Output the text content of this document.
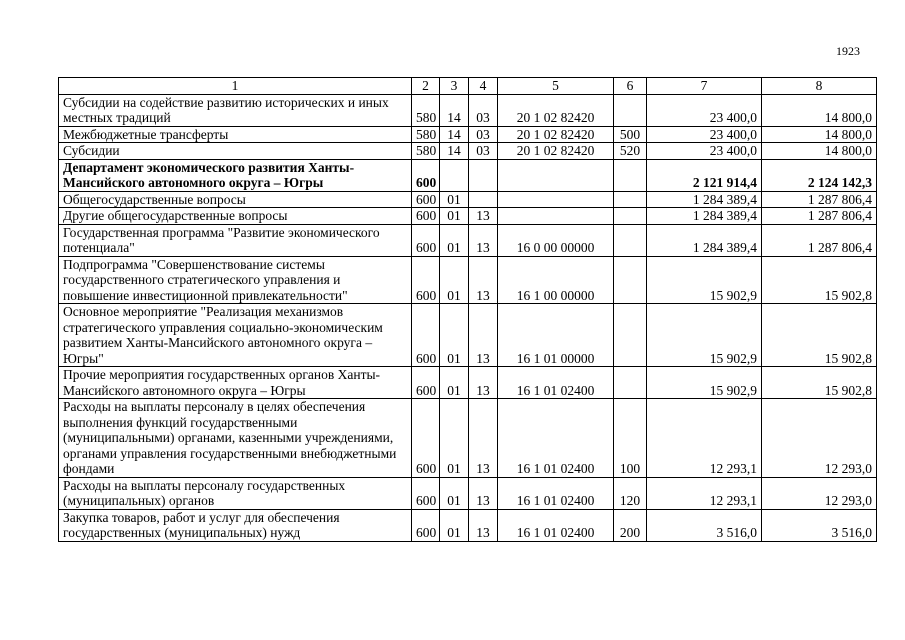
1923
1	2	3	4	5	6	7	8
Субсидии на содействие развитию исторических и иных местных традиций	580	14	03	20 1 02 82420		23 400,0	14 800,0
Межбюджетные трансферты	580	14	03	20 1 02 82420	500	23 400,0	14 800,0
Субсидии	580	14	03	20 1 02 82420	520	23 400,0	14 800,0
Департамент экономического развития Ханты-Мансийского автономного округа – Югры	600					2 121 914,4	2 124 142,3
Общегосударственные вопросы	600	01				1 284 389,4	1 287 806,4
Другие общегосударственные вопросы	600	01	13			1 284 389,4	1 287 806,4
Государственная программа "Развитие экономического потенциала"	600	01	13	16 0 00 00000		1 284 389,4	1 287 806,4
Подпрограмма "Совершенствование системы государственного стратегического управления и повышение инвестиционной привлекательности"	600	01	13	16 1 00 00000		15 902,9	15 902,8
Основное мероприятие "Реализация механизмов стратегического управления социально-экономическим развитием Ханты-Мансийского автономного округа – Югры"	600	01	13	16 1 01 00000		15 902,9	15 902,8
Прочие мероприятия государственных органов Ханты-Мансийского автономного округа – Югры	600	01	13	16 1 01 02400		15 902,9	15 902,8
Расходы на выплаты персоналу в целях обеспечения выполнения функций государственными (муниципальными) органами, казенными учреждениями, органами управления государственными внебюджетными фондами	600	01	13	16 1 01 02400	100	12 293,1	12 293,0
Расходы на выплаты персоналу государственных (муниципальных) органов	600	01	13	16 1 01 02400	120	12 293,1	12 293,0
Закупка товаров, работ и услуг для обеспечения государственных (муниципальных) нужд	600	01	13	16 1 01 02400	200	3 516,0	3 516,0
